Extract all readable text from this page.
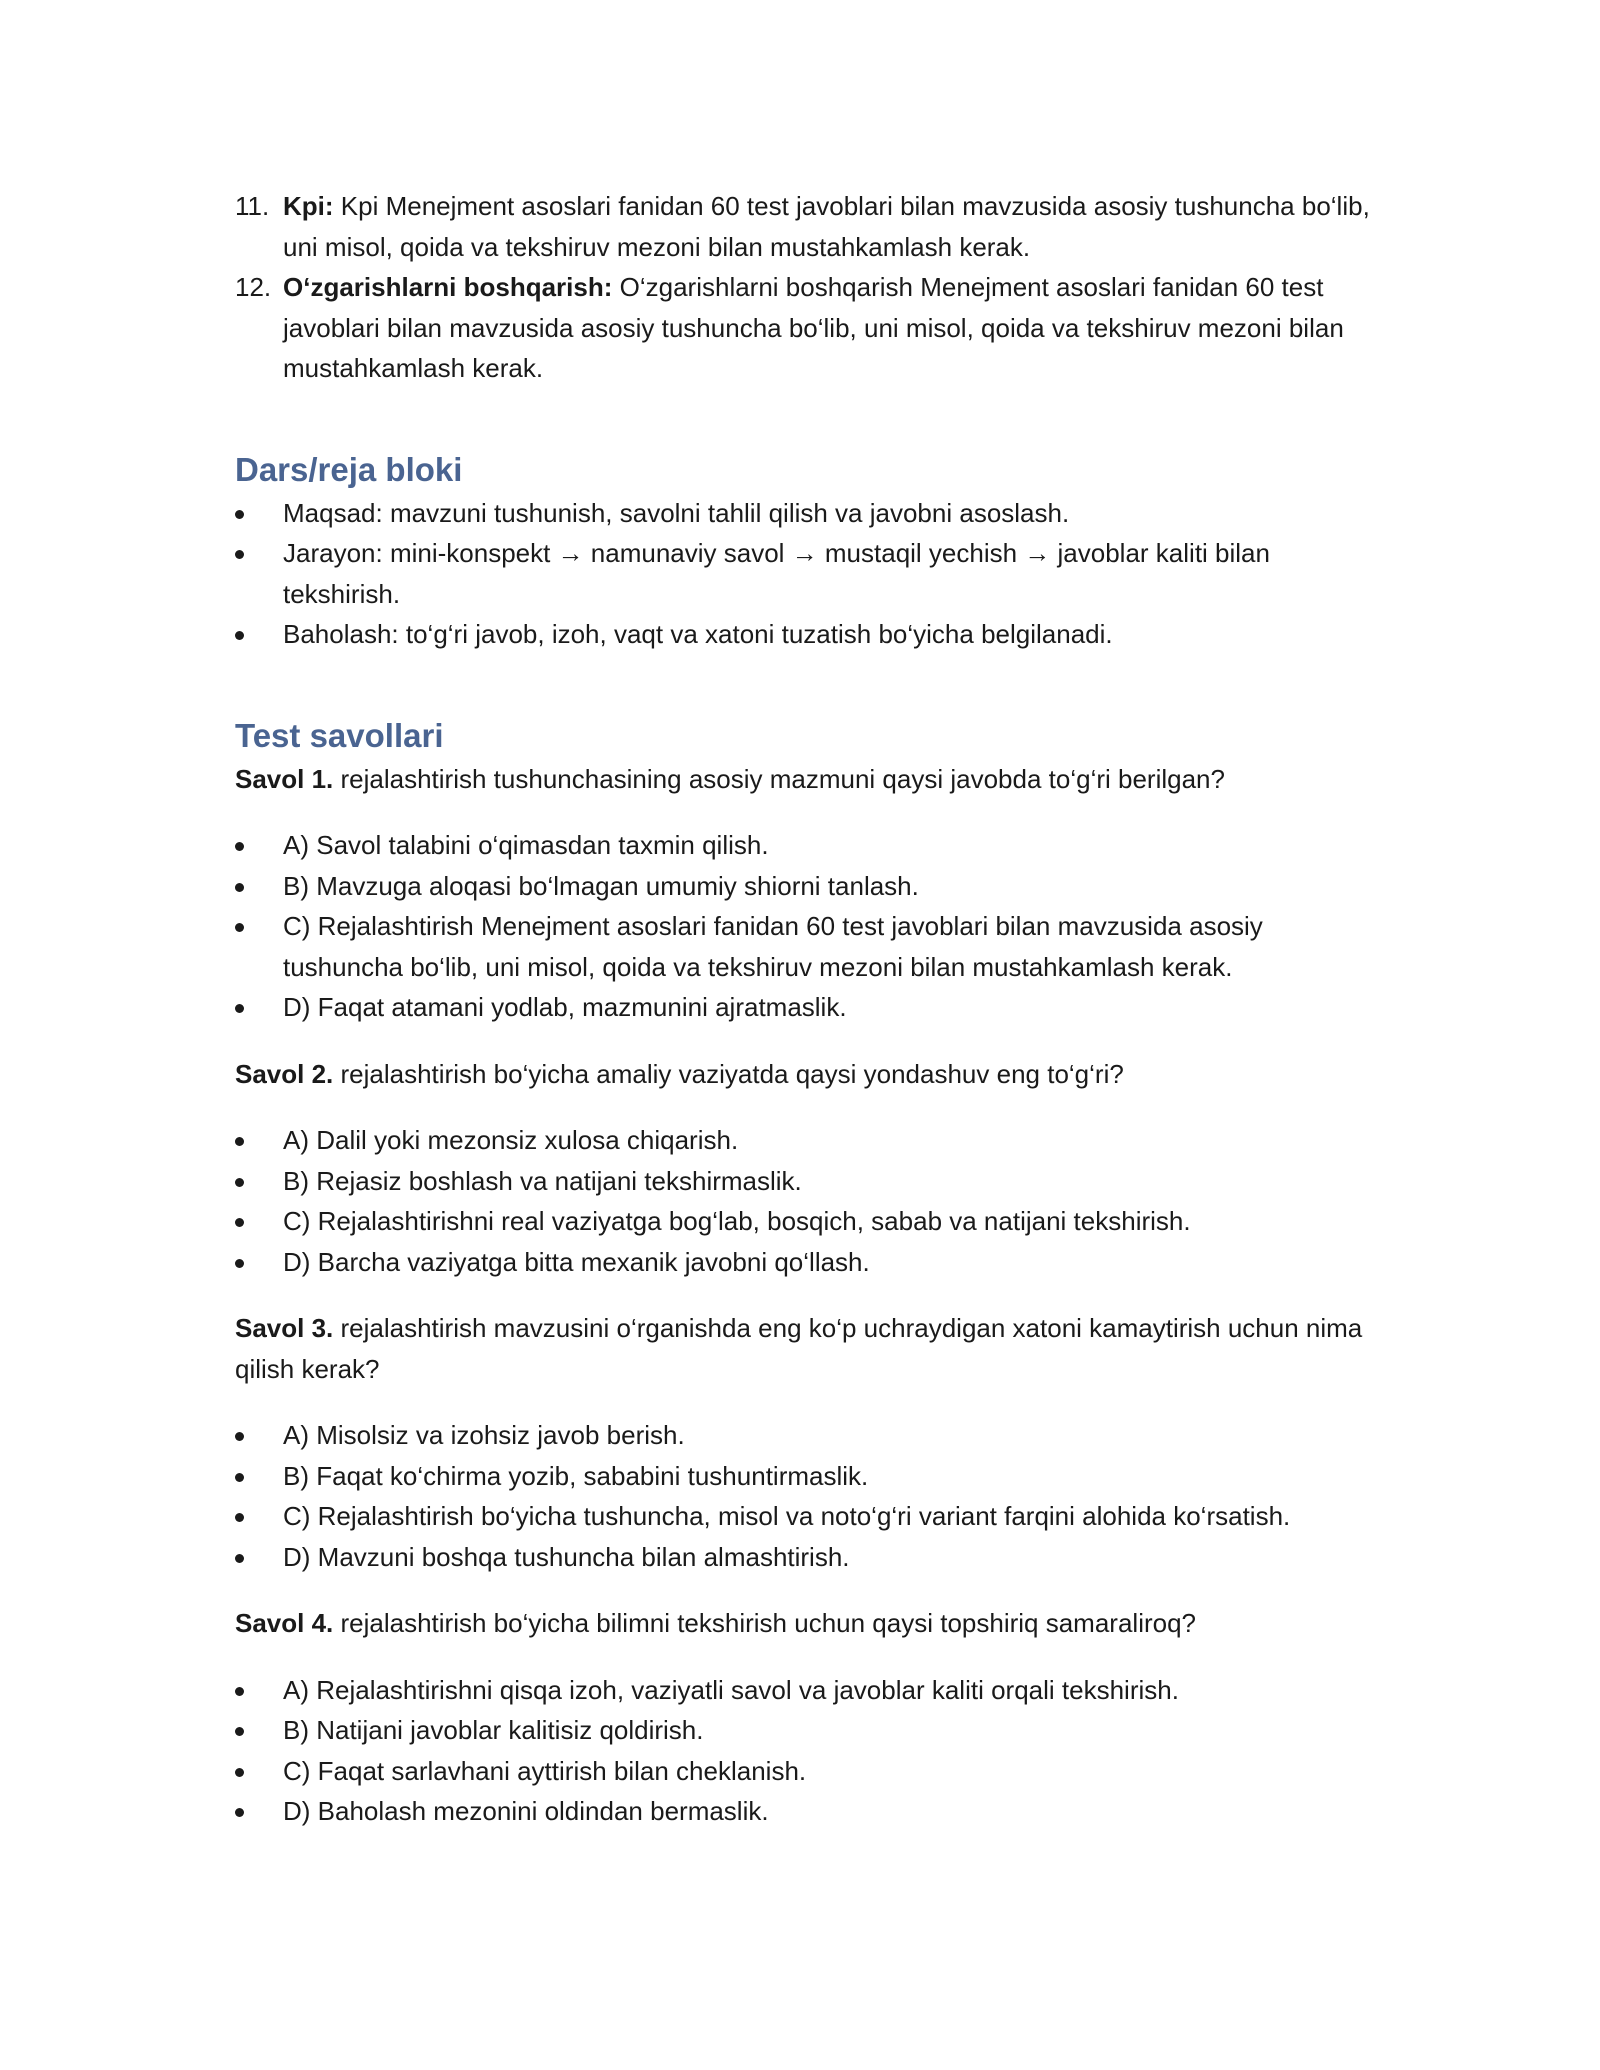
11. Kpi: Kpi Menejment asoslari fanidan 60 test javoblari bilan mavzusida asosiy tushuncha bo‘lib, uni misol, qoida va tekshiruv mezoni bilan mustahkamlash kerak.
12. O‘zgarishlarni boshqarish: O‘zgarishlarni boshqarish Menejment asoslari fanidan 60 test javoblari bilan mavzusida asosiy tushuncha bo‘lib, uni misol, qoida va tekshiruv mezoni bilan mustahkamlash kerak.
Dars/reja bloki
Maqsad: mavzuni tushunish, savolni tahlil qilish va javobni asoslash.
Jarayon: mini-konspekt → namunaviy savol → mustaqil yechish → javoblar kaliti bilan tekshirish.
Baholash: to‘g‘ri javob, izoh, vaqt va xatoni tuzatish bo‘yicha belgilanadi.
Test savollari

Savol 1. rejalashtirish tushunchasining asosiy mazmuni qaysi javobda to‘g‘ri berilgan?

A) Savol talabini o‘qimasdan taxmin qilish.
B) Mavzuga aloqasi bo‘lmagan umumiy shiorni tanlash.
C) Rejalashtirish Menejment asoslari fanidan 60 test javoblari bilan mavzusida asosiy tushuncha bo‘lib, uni misol, qoida va tekshiruv mezoni bilan mustahkamlash kerak.
D) Faqat atamani yodlab, mazmunini ajratmaslik.

Savol 2. rejalashtirish bo‘yicha amaliy vaziyatda qaysi yondashuv eng to‘g‘ri?

A) Dalil yoki mezonsiz xulosa chiqarish.
B) Rejasiz boshlash va natijani tekshirmaslik.
C) Rejalashtirishni real vaziyatga bog‘lab, bosqich, sabab va natijani tekshirish.
D) Barcha vaziyatga bitta mexanik javobni qo‘llash.

Savol 3. rejalashtirish mavzusini o‘rganishda eng ko‘p uchraydigan xatoni kamaytirish uchun nima qilish kerak?

A) Misolsiz va izohsiz javob berish.
B) Faqat ko‘chirma yozib, sababini tushuntirmaslik.
C) Rejalashtirish bo‘yicha tushuncha, misol va noto‘g‘ri variant farqini alohida ko‘rsatish.
D) Mavzuni boshqa tushuncha bilan almashtirish.

Savol 4. rejalashtirish bo‘yicha bilimni tekshirish uchun qaysi topshiriq samaraliroq?

A) Rejalashtirishni qisqa izoh, vaziyatli savol va javoblar kaliti orqali tekshirish.
B) Natijani javoblar kalitisiz qoldirish.
C) Faqat sarlavhani ayttirish bilan cheklanish.
D) Baholash mezonini oldindan bermaslik.
